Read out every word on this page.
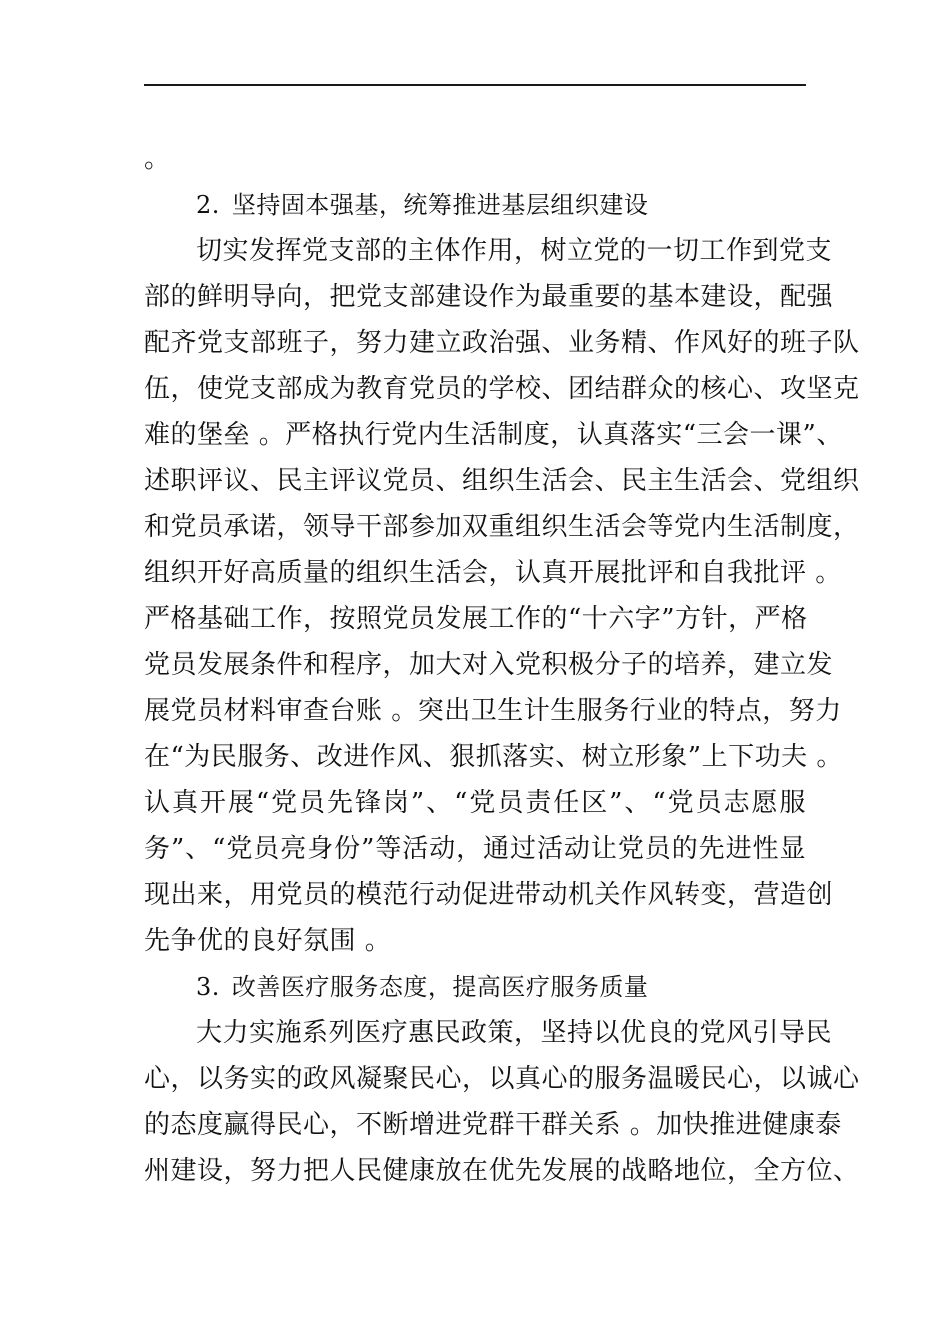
。
2. 坚持固本强基，统筹推进基层组织建设
切实发挥党支部的主体作用，树立党的一切工作到党支
部的鲜明导向，把党支部建设作为最重要的基本建设，配强
配齐党支部班子，努力建立政治强、业务精、作风好的班子队
伍，使党支部成为教育党员的学校、团结群众的核心、攻坚克
难的堡垒 。严格执行党内生活制度，认真落实“三会一课”、
述职评议、民主评议党员、组织生活会、民主生活会、党组织
和党员承诺，领导干部参加双重组织生活会等党内生活制度，
组织开好高质量的组织生活会，认真开展批评和自我批评 。
严格基础工作，按照党员发展工作的“十六字”方针，严格
党员发展条件和程序，加大对入党积极分子的培养，建立发
展党员材料审查台账 。突出卫生计生服务行业的特点，努力
在“为民服务、改进作风、狠抓落实、树立形象”上下功夫 。
认真开展“党员先锋岗”、“党员责任区”、“党员志愿服
务”、“党员亮身份”等活动，通过活动让党员的先进性显
现出来，用党员的模范行动促进带动机关作风转变，营造创
先争优的良好氛围 。
3. 改善医疗服务态度，提高医疗服务质量
大力实施系列医疗惠民政策，坚持以优良的党风引导民
心，以务实的政风凝聚民心，以真心的服务温暖民心，以诚心
的态度赢得民心，不断增进党群干群关系 。加快推进健康泰
州建设，努力把人民健康放在优先发展的战略地位，全方位、
